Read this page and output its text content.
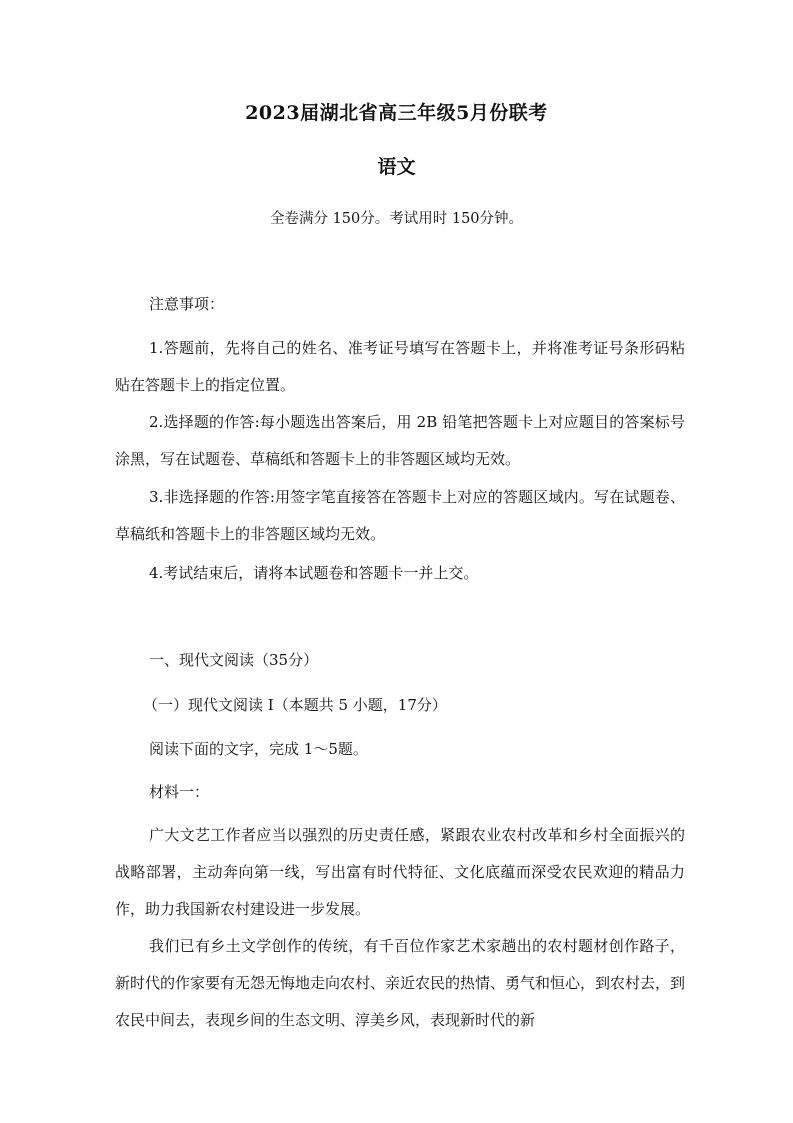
2023届湖北省高三年级5月份联考
语文
全卷满分 150分。考试用时 150分钟。
注意事项：
1.答题前，先将自己的姓名、准考证号填写在答题卡上，并将准考证号条形码粘贴在答题卡上的指定位置。
2.选择题的作答:每小题选出答案后，用 2B 铅笔把答题卡上对应题目的答案标号涂黑，写在试题卷、草稿纸和答题卡上的非答题区域均无效。
3.非选择题的作答:用签字笔直接答在答题卡上对应的答题区域内。写在试题卷、草稿纸和答题卡上的非答题区域均无效。
4.考试结束后，请将本试题卷和答题卡一并上交。
一、现代文阅读（35分）
（一）现代文阅读 I（本题共 5 小题，17分）
阅读下面的文字，完成 1～5题。
材料一：
广大文艺工作者应当以强烈的历史责任感，紧跟农业农村改革和乡村全面振兴的战略部署，主动奔向第一线，写出富有时代特征、文化底蕴而深受农民欢迎的精品力作，助力我国新农村建设进一步发展。
我们已有乡土文学创作的传统，有千百位作家艺术家趟出的农村题材创作路子，新时代的作家要有无怨无悔地走向农村、亲近农民的热情、勇气和恒心，到农村去，到农民中间去，表现乡间的生态文明、淳美乡风，表现新时代的新
